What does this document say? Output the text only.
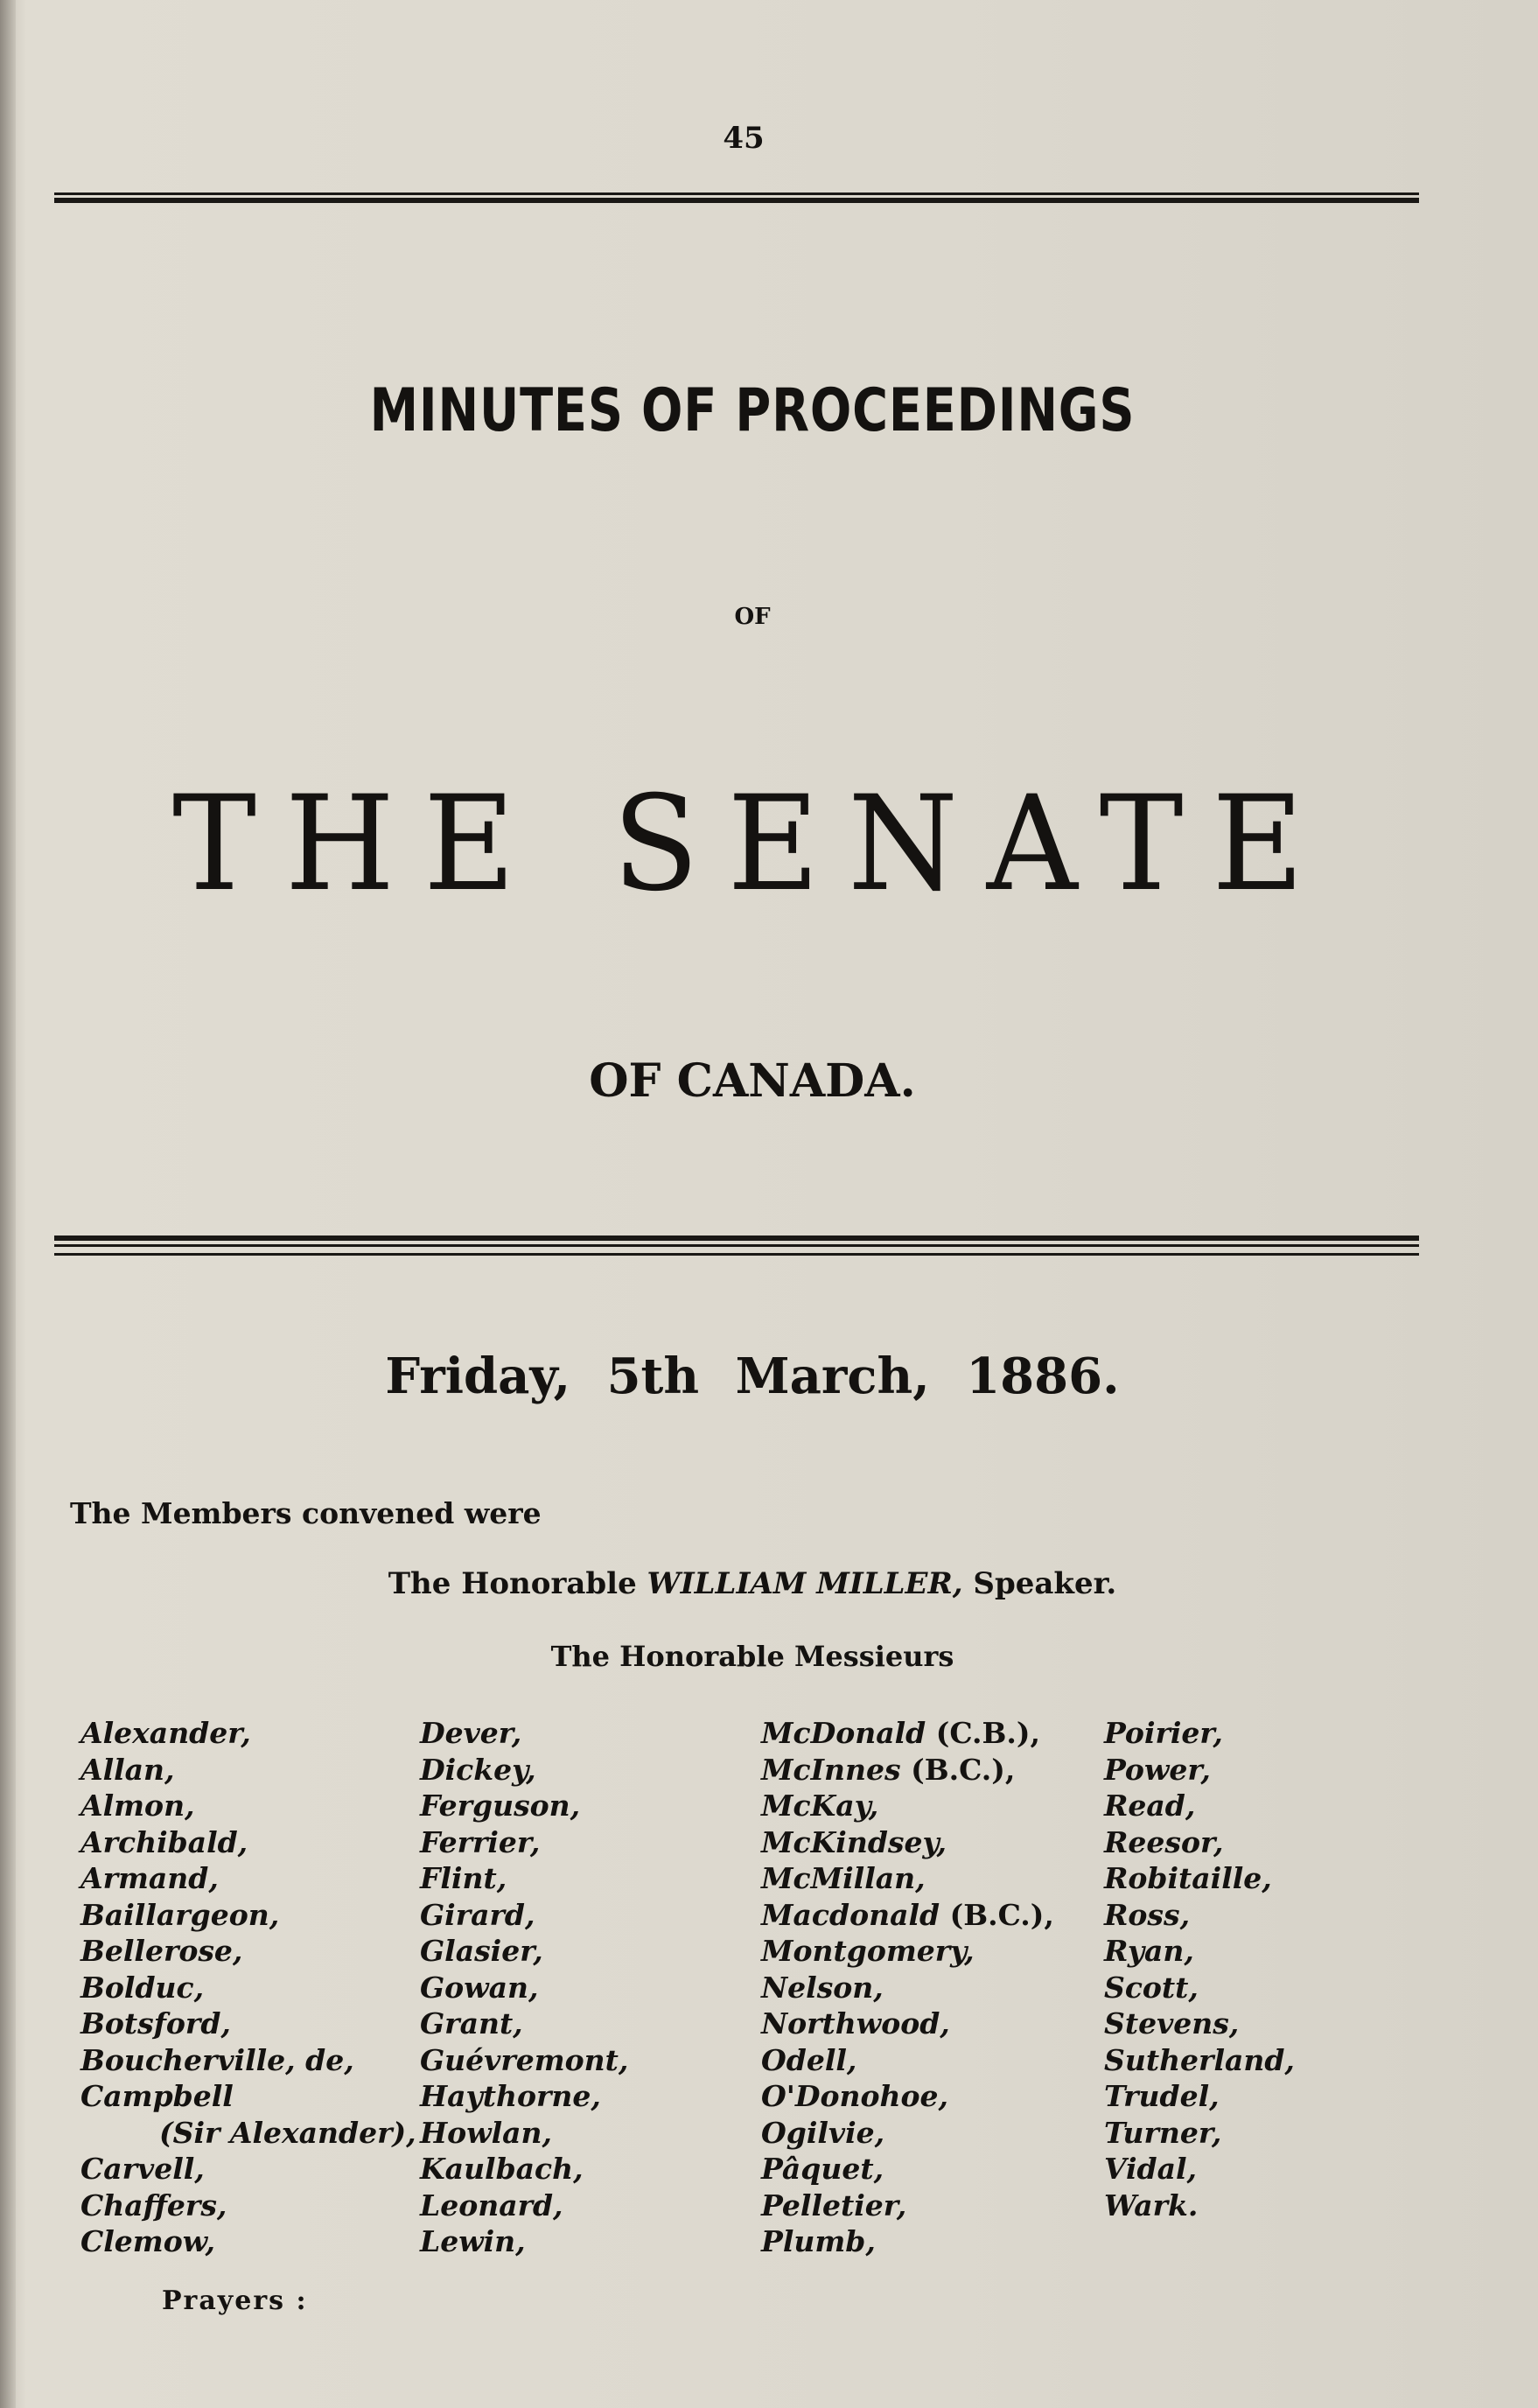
45
MINUTES OF PROCEEDINGS
OF
THE SENATE
OF CANADA.
Friday, 5th March, 1886.
The Members convened were
The Honorable WILLIAM MILLER, Speaker.
The Honorable Messieurs
Alexander,
Allan,
Almon,
Archibald,
Armand,
Baillargeon,
Bellerose,
Bolduc,
Botsford,
Boucherville, de,
Campbell
(Sir Alexander),
Carvell,
Chaffers,
Clemow,
Dever,
Dickey,
Ferguson,
Ferrier,
Flint,
Girard,
Glasier,
Gowan,
Grant,
Guévremont,
Haythorne,
Howlan,
Kaulbach,
Leonard,
Lewin,
McDonald (C.B.),
McInnes (B.C.),
McKay,
McKindsey,
McMillan,
Macdonald (B.C.),
Montgomery,
Nelson,
Northwood,
Odell,
O'Donohoe,
Ogilvie,
Pâquet,
Pelletier,
Plumb,
Poirier,
Power,
Read,
Reesor,
Robitaille,
Ross,
Ryan,
Scott,
Stevens,
Sutherland,
Trudel,
Turner,
Vidal,
Wark.
Prayers :
